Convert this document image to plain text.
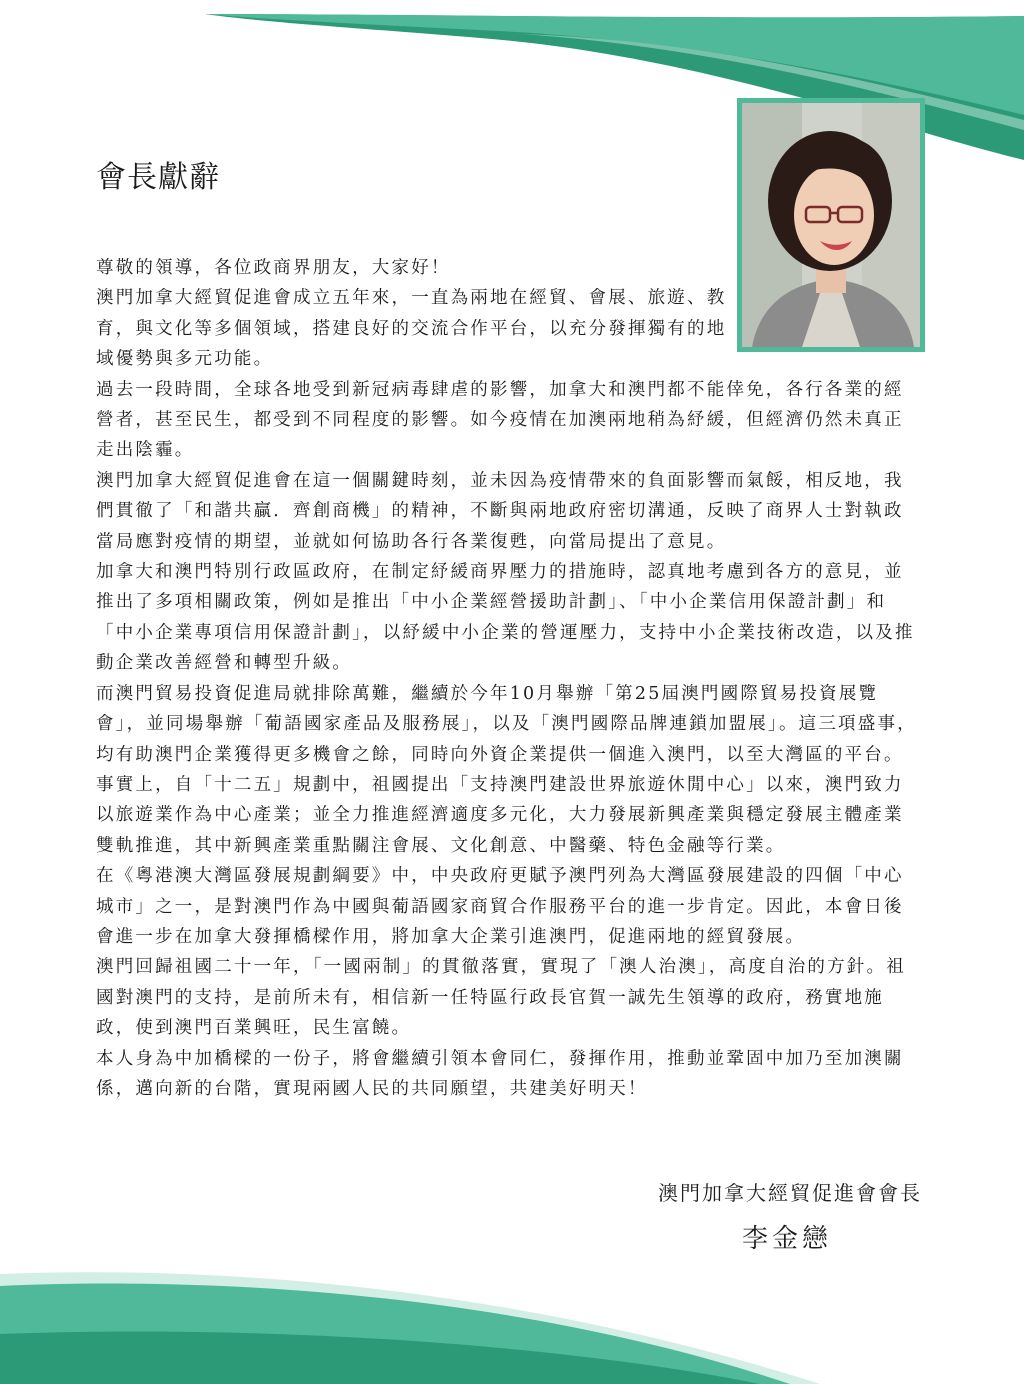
會長獻辭

尊敬的領導，各位政商界朋友，大家好！

澳門加拿大經貿促進會成立五年來，一直為兩地在經貿、會展、旅遊、教育，與文化等多個領域，搭建良好的交流合作平台，以充分發揮獨有的地域優勢與多元功能。

過去一段時間，全球各地受到新冠病毒肆虐的影響，加拿大和澳門都不能倖免，各行各業的經營者，甚至民生，都受到不同程度的影響。如今疫情在加澳兩地稍為紓緩，但經濟仍然未真正走出陰霾。

澳門加拿大經貿促進會在這一個關鍵時刻，並未因為疫情帶來的負面影響而氣餒，相反地，我們貫徹了「和諧共贏．齊創商機」的精神，不斷與兩地政府密切溝通，反映了商界人士對執政當局應對疫情的期望，並就如何協助各行各業復甦，向當局提出了意見。

加拿大和澳門特別行政區政府，在制定紓緩商界壓力的措施時，認真地考慮到各方的意見，並推出了多項相關政策，例如是推出「中小企業經營援助計劃」、「中小企業信用保證計劃」和「中小企業專項信用保證計劃」，以紓緩中小企業的營運壓力，支持中小企業技術改造，以及推動企業改善經營和轉型升級。

而澳門貿易投資促進局就排除萬難，繼續於今年10月舉辦「第25屆澳門國際貿易投資展覽會」，並同場舉辦「葡語國家產品及服務展」，以及「澳門國際品牌連鎖加盟展」。這三項盛事，均有助澳門企業獲得更多機會之餘，同時向外資企業提供一個進入澳門，以至大灣區的平台。

事實上，自「十二五」規劃中，祖國提出「支持澳門建設世界旅遊休閒中心」以來，澳門致力以旅遊業作為中心產業；並全力推進經濟適度多元化，大力發展新興產業與穩定發展主體產業雙軌推進，其中新興產業重點關注會展、文化創意、中醫藥、特色金融等行業。

在《粵港澳大灣區發展規劃綱要》中，中央政府更賦予澳門列為大灣區發展建設的四個「中心城市」之一，是對澳門作為中國與葡語國家商貿合作服務平台的進一步肯定。因此，本會日後會進一步在加拿大發揮橋樑作用，將加拿大企業引進澳門，促進兩地的經貿發展。

澳門回歸祖國二十一年，「一國兩制」的貫徹落實，實現了「澳人治澳」，高度自治的方針。祖國對澳門的支持，是前所未有，相信新一任特區行政長官賀一誠先生領導的政府，務實地施政，使到澳門百業興旺，民生富饒。

本人身為中加橋樑的一份子，將會繼續引領本會同仁，發揮作用，推動並鞏固中加乃至加澳關係，邁向新的台階，實現兩國人民的共同願望，共建美好明天！

澳門加拿大經貿促進會會長

李金戀
